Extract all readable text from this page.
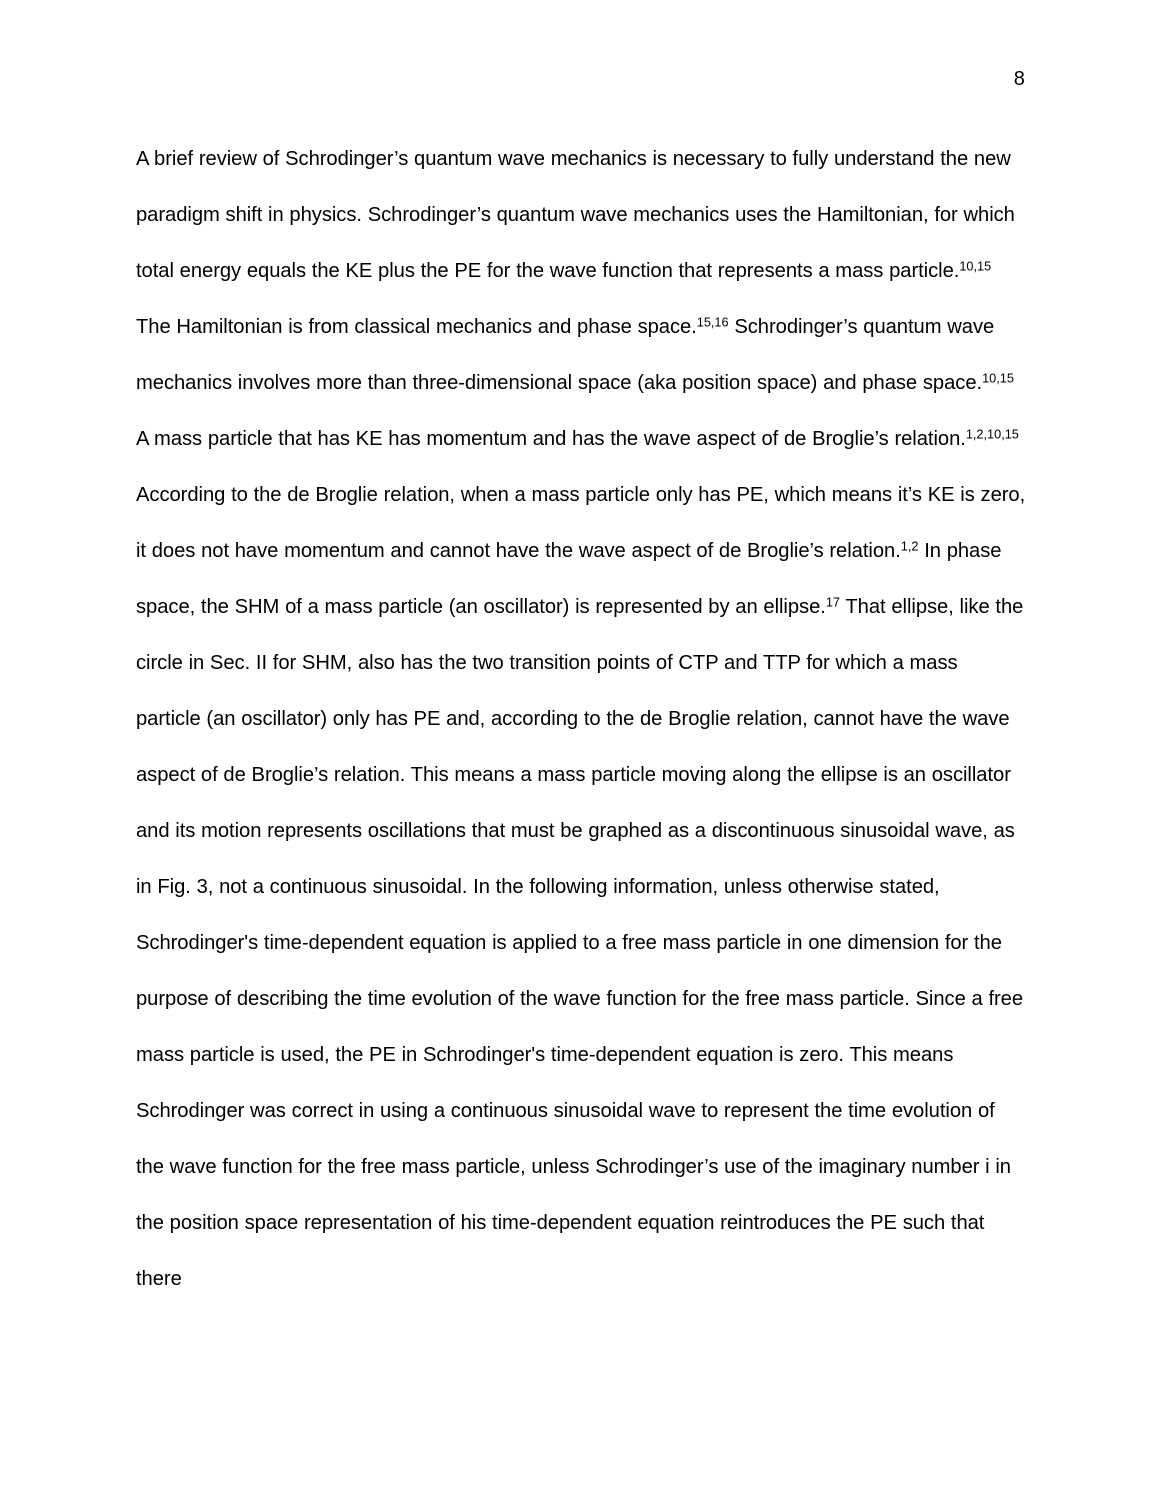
8

A brief review of Schrodinger’s quantum wave mechanics is necessary to fully understand the new paradigm shift in physics. Schrodinger’s quantum wave mechanics uses the Hamiltonian, for which total energy equals the KE plus the PE for the wave function that represents a mass particle.$^{10,15}$ The Hamiltonian is from classical mechanics and phase space.$^{15,16}$ Schrodinger’s quantum wave mechanics involves more than three-dimensional space (aka position space) and phase space.$^{10,15}$ A mass particle that has KE has momentum and has the wave aspect of de Broglie’s relation.$^{1,2,10,15}$ According to the de Broglie relation, when a mass particle only has PE, which means it’s KE is zero, it does not have momentum and cannot have the wave aspect of de Broglie’s relation.$^{1,2}$ In phase space, the SHM of a mass particle (an oscillator) is represented by an ellipse.$^{17}$ That ellipse, like the circle in Sec. II for SHM, also has the two transition points of CTP and TTP for which a mass particle (an oscillator) only has PE and, according to the de Broglie relation, cannot have the wave aspect of de Broglie’s relation. This means a mass particle moving along the ellipse is an oscillator and its motion represents oscillations that must be graphed as a discontinuous sinusoidal wave, as in Fig. 3, not a continuous sinusoidal. In the following information, unless otherwise stated, Schrodinger's time-dependent equation is applied to a free mass particle in one dimension for the purpose of describing the time evolution of the wave function for the free mass particle. Since a free mass particle is used, the PE in Schrodinger's time-dependent equation is zero. This means Schrodinger was correct in using a continuous sinusoidal wave to represent the time evolution of the wave function for the free mass particle, unless Schrodinger’s use of the imaginary number i in the position space representation of his time-dependent equation reintroduces the PE such that there
